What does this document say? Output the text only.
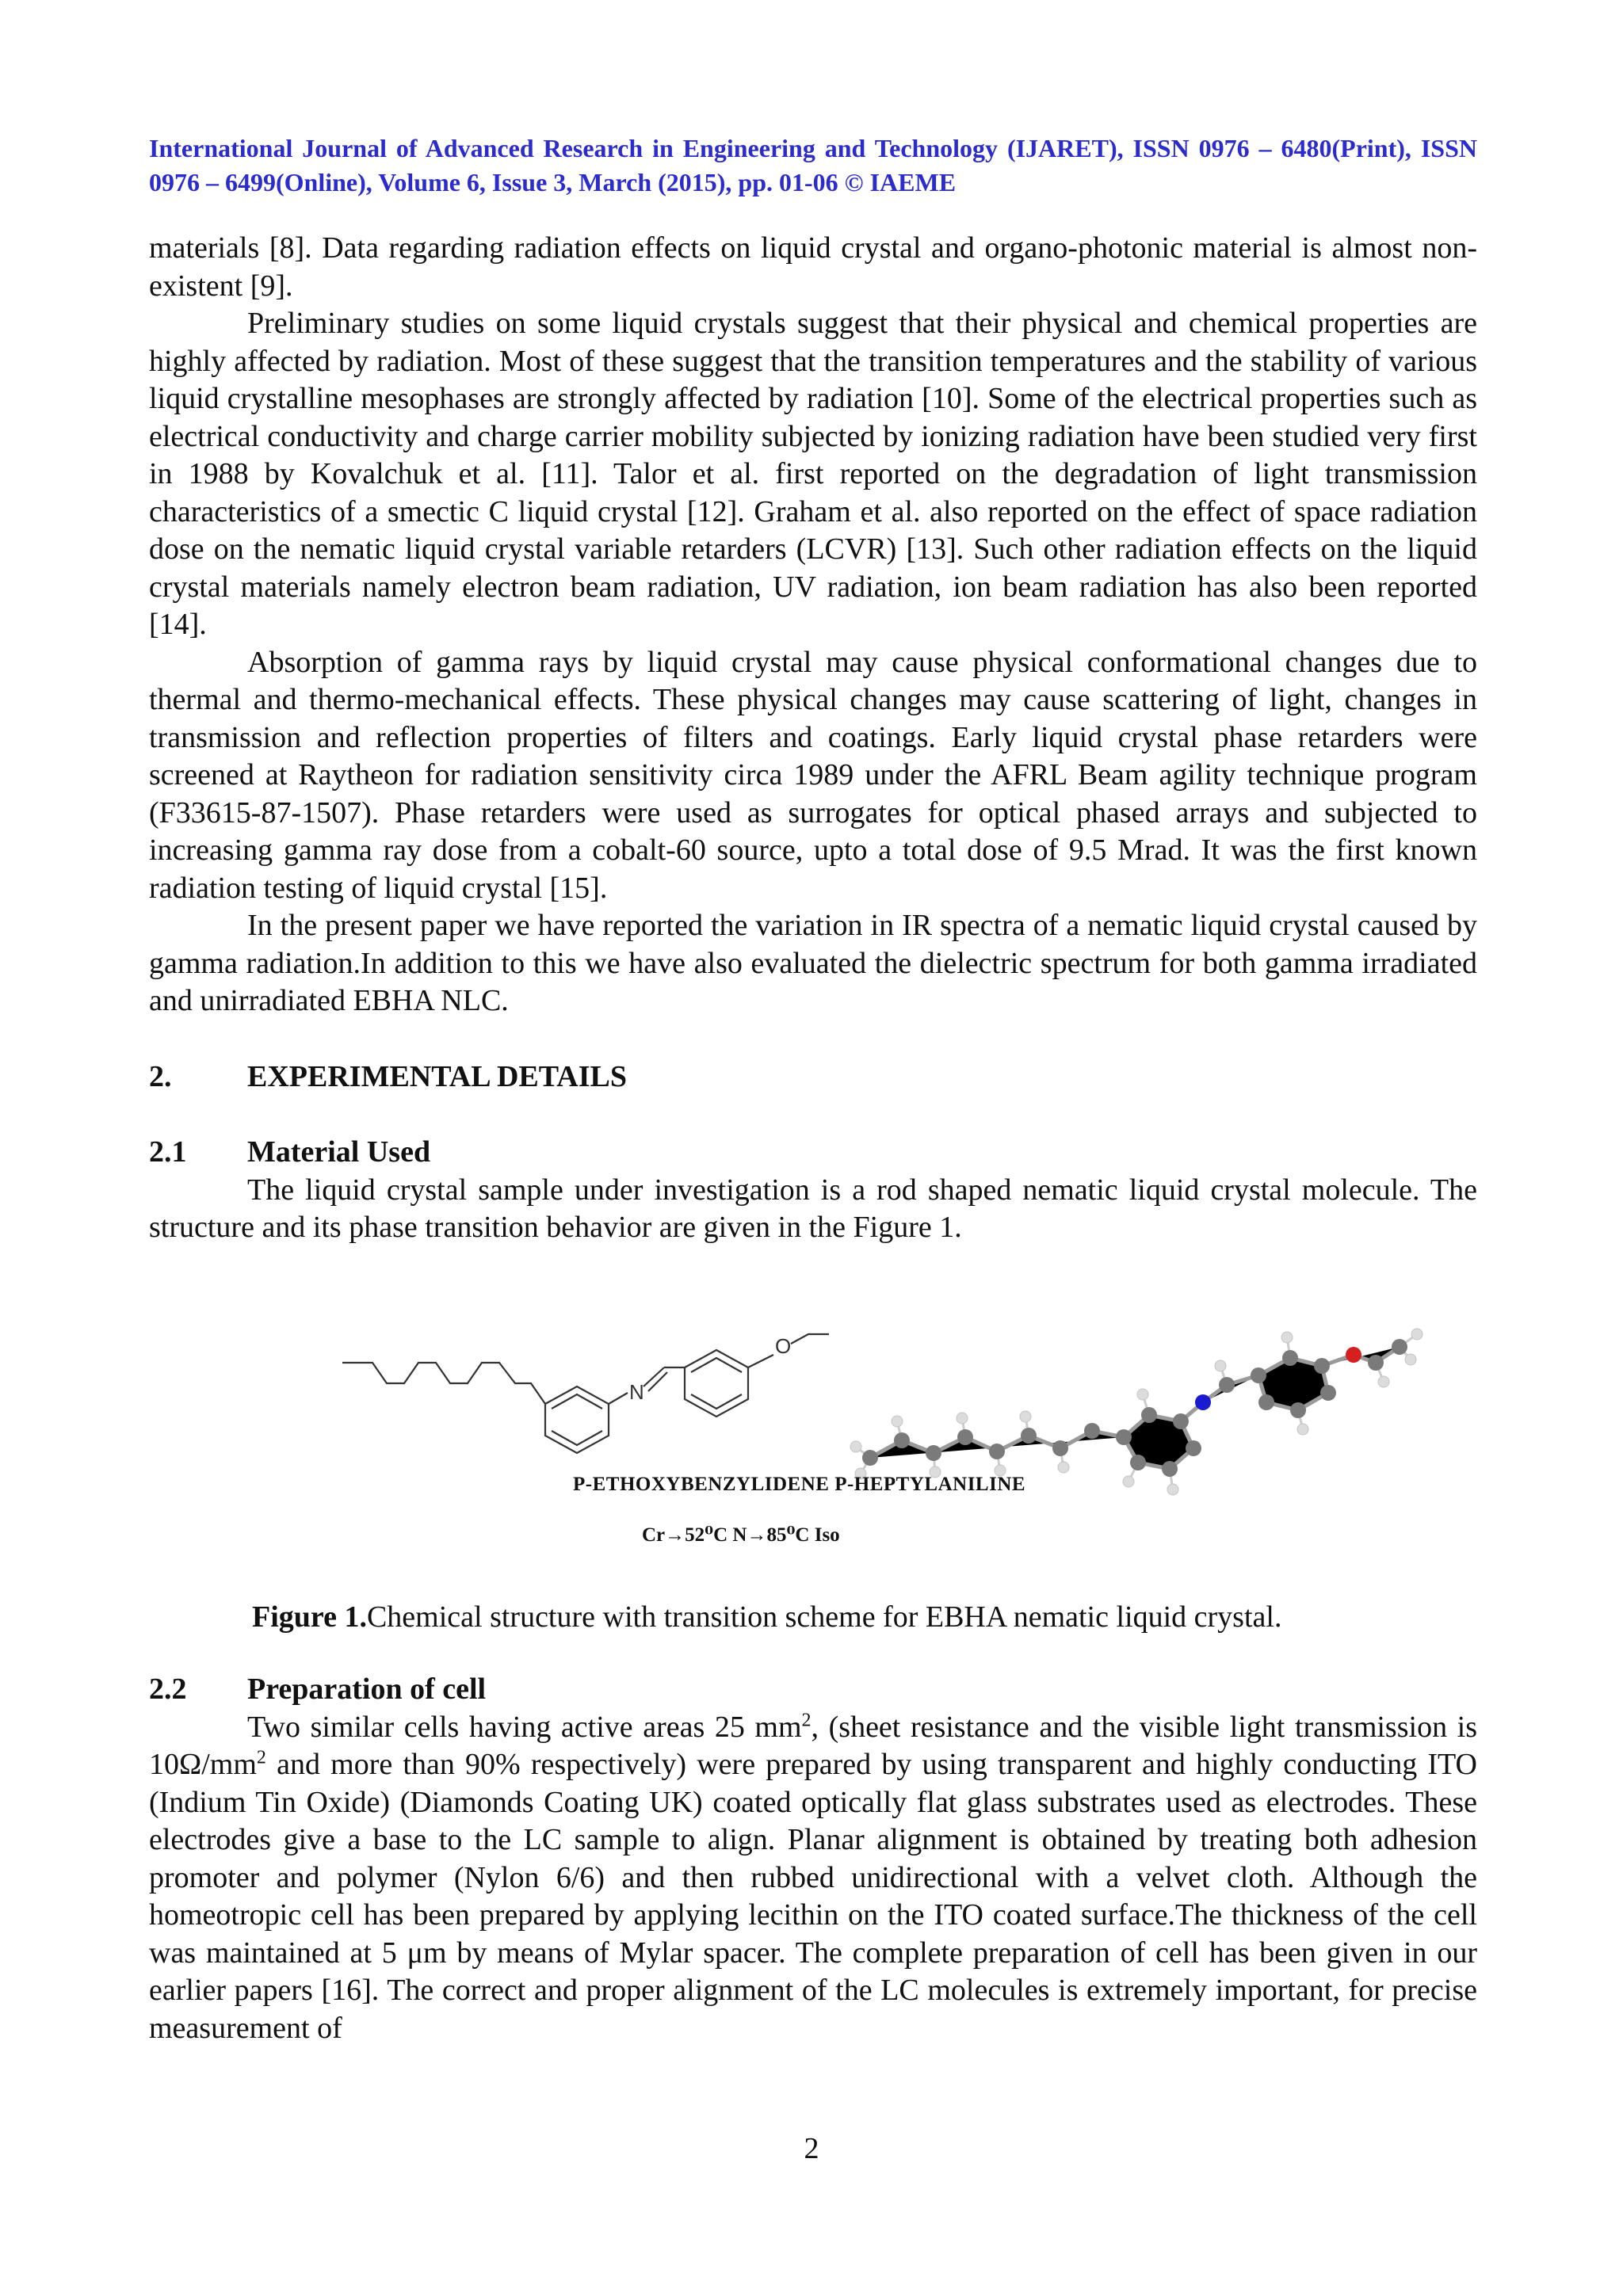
International Journal of Advanced Research in Engineering and Technology (IJARET), ISSN 0976 – 6480(Print), ISSN 0976 – 6499(Online), Volume 6, Issue 3, March (2015), pp. 01-06 © IAEME

materials [8]. Data regarding radiation effects on liquid crystal and organo-photonic material is almost non-existent [9].

Preliminary studies on some liquid crystals suggest that their physical and chemical properties are highly affected by radiation. Most of these suggest that the transition temperatures and the stability of various liquid crystalline mesophases are strongly affected by radiation [10]. Some of the electrical properties such as electrical conductivity and charge carrier mobility subjected by ionizing radiation have been studied very first in 1988 by Kovalchuk et al. [11]. Talor et al. first reported on the degradation of light transmission characteristics of a smectic C liquid crystal [12]. Graham et al. also reported on the effect of space radiation dose on the nematic liquid crystal variable retarders (LCVR) [13]. Such other radiation effects on the liquid crystal materials namely electron beam radiation, UV radiation, ion beam radiation has also been reported [14].

Absorption of gamma rays by liquid crystal may cause physical conformational changes due to thermal and thermo-mechanical effects. These physical changes may cause scattering of light, changes in transmission and reflection properties of filters and coatings. Early liquid crystal phase retarders were screened at Raytheon for radiation sensitivity circa 1989 under the AFRL Beam agility technique program (F33615-87-1507). Phase retarders were used as surrogates for optical phased arrays and subjected to increasing gamma ray dose from a cobalt-60 source, upto a total dose of 9.5 Mrad. It was the first known radiation testing of liquid crystal [15].

In the present paper we have reported the variation in IR spectra of a nematic liquid crystal caused by gamma radiation.In addition to this we have also evaluated the dielectric spectrum for both gamma irradiated and unirradiated EBHA NLC.

2.	EXPERIMENTAL DETAILS

2.1	Material Used

The liquid crystal sample under investigation is a rod shaped nematic liquid crystal molecule. The structure and its phase transition behavior are given in the Figure 1.

N
O
P-ETHOXYBENZYLIDENE P-HEPTYLANILINE
Cr→52⁰C N→85⁰C Iso

Figure 1.Chemical structure with transition scheme for EBHA nematic liquid crystal.

2.2	Preparation of cell

Two similar cells having active areas 25 $mm^2$, (sheet resistance and the visible light transmission is $10\Omega/mm^2$ and more than 90% respectively) were prepared by using transparent and highly conducting ITO (Indium Tin Oxide) (Diamonds Coating UK) coated optically flat glass substrates used as electrodes. These electrodes give a base to the LC sample to align. Planar alignment is obtained by treating both adhesion promoter and polymer (Nylon 6/6) and then rubbed unidirectional with a velvet cloth. Although the homeotropic cell has been prepared by applying lecithin on the ITO coated surface.The thickness of the cell was maintained at 5 μm by means of Mylar spacer. The complete preparation of cell has been given in our earlier papers [16]. The correct and proper alignment of the LC molecules is extremely important, for precise measurement of

2
